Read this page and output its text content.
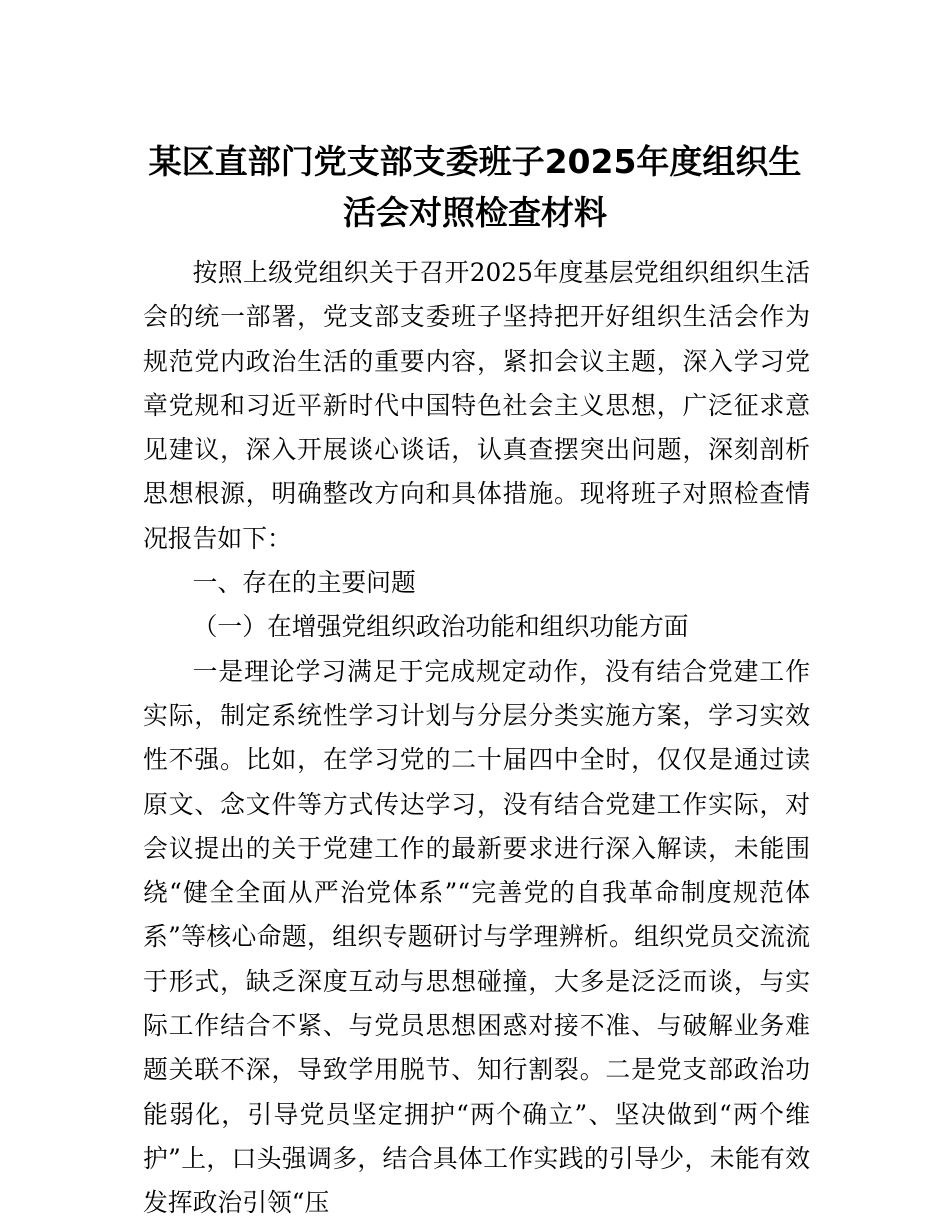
某区直部门党支部支委班子2025年度组织生活会对照检查材料

按照上级党组织关于召开2025年度基层党组织组织生活会的统一部署，党支部支委班子坚持把开好组织生活会作为规范党内政治生活的重要内容，紧扣会议主题，深入学习党章党规和习近平新时代中国特色社会主义思想，广泛征求意见建议，深入开展谈心谈话，认真查摆突出问题，深刻剖析思想根源，明确整改方向和具体措施。现将班子对照检查情况报告如下：

一、存在的主要问题

（一）在增强党组织政治功能和组织功能方面

一是理论学习满足于完成规定动作，没有结合党建工作实际，制定系统性学习计划与分层分类实施方案，学习实效性不强。比如，在学习党的二十届四中全时，仅仅是通过读原文、念文件等方式传达学习，没有结合党建工作实际，对会议提出的关于党建工作的最新要求进行深入解读，未能围绕“健全全面从严治党体系”“完善党的自我革命制度规范体系”等核心命题，组织专题研讨与学理辨析。组织党员交流流于形式，缺乏深度互动与思想碰撞，大多是泛泛而谈，与实际工作结合不紧、与党员思想困惑对接不准、与破解业务难题关联不深，导致学用脱节、知行割裂。二是党支部政治功能弱化，引导党员坚定拥护“两个确立”、坚决做到“两个维护”上，口头强调多，结合具体工作实践的引导少，未能有效发挥政治引领“压
